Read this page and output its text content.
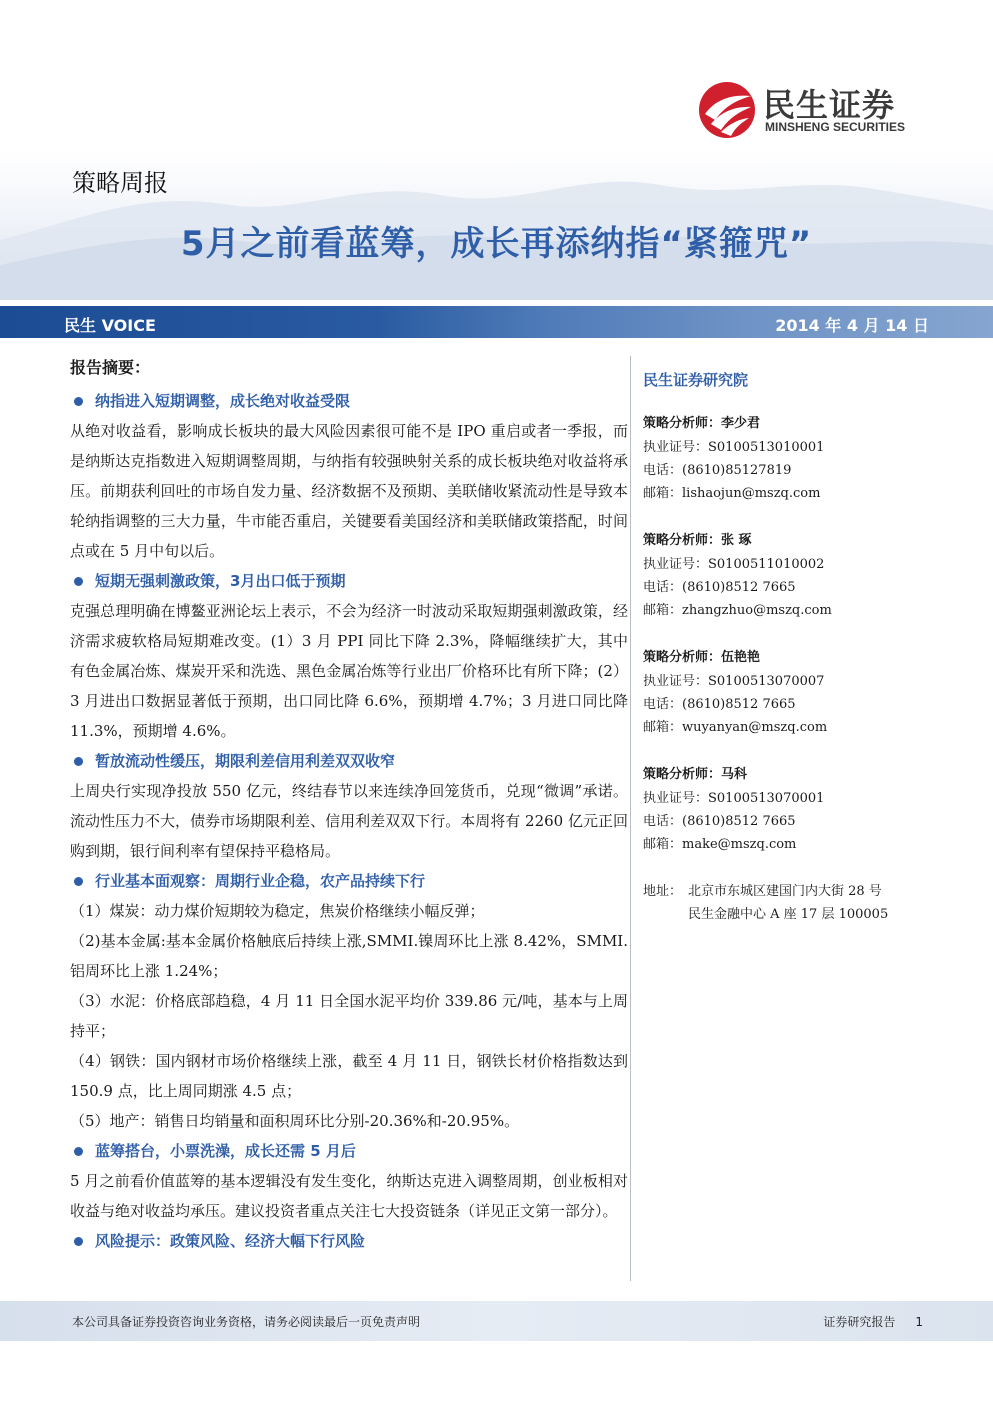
民生证券
MINSHENG SECURITIES
策略周报
5月之前看蓝筹，成长再添纳指“紧箍咒”
民生 VOICE	2014 年 4 月 14 日
报告摘要：
纳指进入短期调整，成长绝对收益受限

从绝对收益看，影响成长板块的最大风险因素很可能不是 IPO 重启或者一季报，而是纳斯达克指数进入短期调整周期，与纳指有较强映射关系的成长板块绝对收益将承压。前期获利回吐的市场自发力量、经济数据不及预期、美联储收紧流动性是导致本轮纳指调整的三大力量，牛市能否重启，关键要看美国经济和美联储政策搭配，时间点或在 5 月中旬以后。

短期无强刺激政策，3月出口低于预期

克强总理明确在博鳌亚洲论坛上表示，不会为经济一时波动采取短期强刺激政策，经济需求疲软格局短期难改变。(1）3 月 PPI 同比下降 2.3%，降幅继续扩大，其中有色金属冶炼、煤炭开采和洗选、黑色金属冶炼等行业出厂价格环比有所下降；(2）3 月进出口数据显著低于预期，出口同比降 6.6%，预期增 4.7%；3 月进口同比降 11.3%，预期增 4.6%。

暂放流动性缓压，期限利差信用利差双双收窄

上周央行实现净投放 550 亿元，终结春节以来连续净回笼货币，兑现“微调”承诺。流动性压力不大，债券市场期限利差、信用利差双双下行。本周将有 2260 亿元正回购到期，银行间利率有望保持平稳格局。

行业基本面观察：周期行业企稳，农产品持续下行

（1）煤炭：动力煤价短期较为稳定，焦炭价格继续小幅反弹；

（2)基本金属:基本金属价格触底后持续上涨,SMMI.镍周环比上涨 8.42%，SMMI.铝周环比上涨 1.24%；

（3）水泥：价格底部趋稳，4 月 11 日全国水泥平均价 339.86 元/吨，基本与上周持平；

（4）钢铁：国内钢材市场价格继续上涨，截至 4 月 11 日，钢铁长材价格指数达到 150.9 点，比上周同期涨 4.5 点；

（5）地产：销售日均销量和面积周环比分别-20.36%和-20.95%。

蓝筹搭台，小票洗澡，成长还需 5 月后

5 月之前看价值蓝筹的基本逻辑没有发生变化，纳斯达克进入调整周期，创业板相对收益与绝对收益均承压。建议投资者重点关注七大投资链条（详见正文第一部分）。

风险提示：政策风险、经济大幅下行风险
民生证券研究院
策略分析师：李少君
执业证号：S0100513010001
电话：(8610)85127819
邮箱：lishaojun@mszq.com
策略分析师：张 琢
执业证号：S0100511010002
电话：(8610)8512 7665
邮箱：zhangzhuo@mszq.com
策略分析师：伍艳艳
执业证号：S0100513070007
电话：(8610)8512 7665
邮箱：wuyanyan@mszq.com
策略分析师：马科
执业证号：S0100513070001
电话：(8610)8512 7665
邮箱：make@mszq.com
地址： 北京市东城区建国门内大街 28 号
民生金融中心 A 座 17 层 100005
本公司具备证券投资咨询业务资格，请务必阅读最后一页免责声明	证券研究报告 1
